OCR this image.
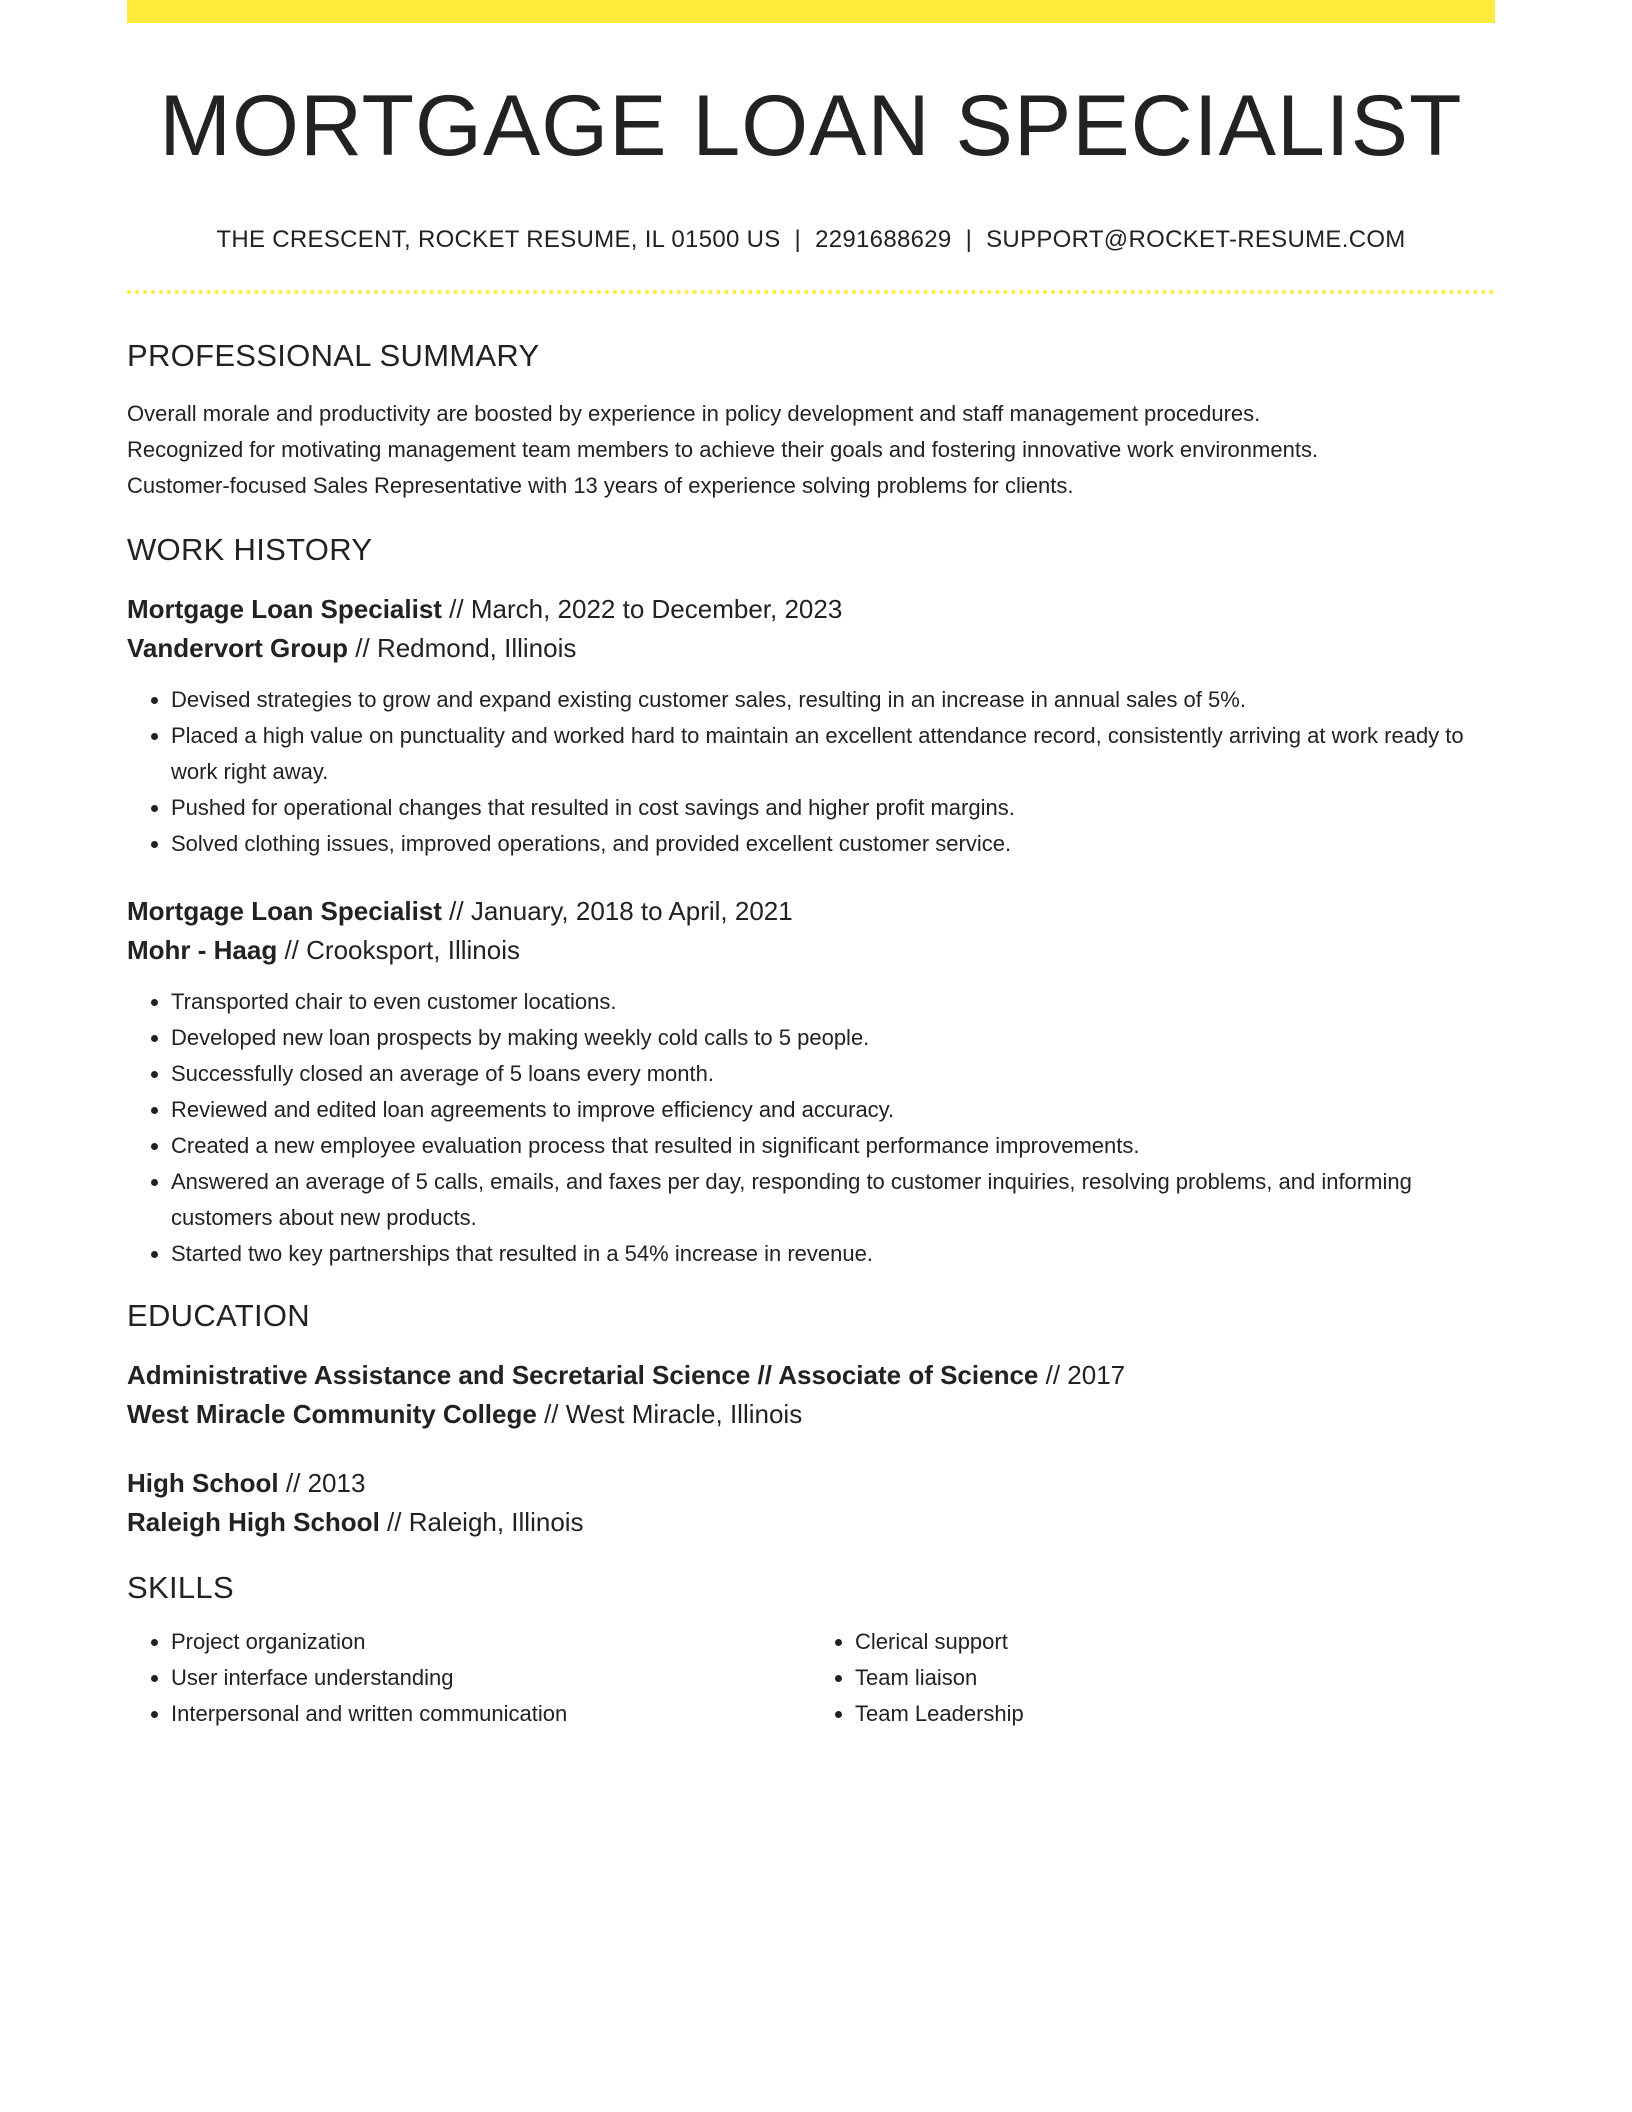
MORTGAGE LOAN SPECIALIST
THE CRESCENT, ROCKET RESUME, IL 01500 US | 2291688629 | SUPPORT@ROCKET-RESUME.COM
PROFESSIONAL SUMMARY
Overall morale and productivity are boosted by experience in policy development and staff management procedures.
Recognized for motivating management team members to achieve their goals and fostering innovative work environments.
Customer-focused Sales Representative with 13 years of experience solving problems for clients.
WORK HISTORY
Mortgage Loan Specialist // March, 2022 to December, 2023
Vandervort Group // Redmond, Illinois
• Devised strategies to grow and expand existing customer sales, resulting in an increase in annual sales of 5%.
• Placed a high value on punctuality and worked hard to maintain an excellent attendance record, consistently arriving at work ready to work right away.
• Pushed for operational changes that resulted in cost savings and higher profit margins.
• Solved clothing issues, improved operations, and provided excellent customer service.
Mortgage Loan Specialist // January, 2018 to April, 2021
Mohr - Haag // Crooksport, Illinois
• Transported chair to even customer locations.
• Developed new loan prospects by making weekly cold calls to 5 people.
• Successfully closed an average of 5 loans every month.
• Reviewed and edited loan agreements to improve efficiency and accuracy.
• Created a new employee evaluation process that resulted in significant performance improvements.
• Answered an average of 5 calls, emails, and faxes per day, responding to customer inquiries, resolving problems, and informing customers about new products.
• Started two key partnerships that resulted in a 54% increase in revenue.
EDUCATION
Administrative Assistance and Secretarial Science // Associate of Science // 2017
West Miracle Community College // West Miracle, Illinois
High School // 2013
Raleigh High School // Raleigh, Illinois
SKILLS
• Project organization
• User interface understanding
• Interpersonal and written communication
• Clerical support
• Team liaison
• Team Leadership
